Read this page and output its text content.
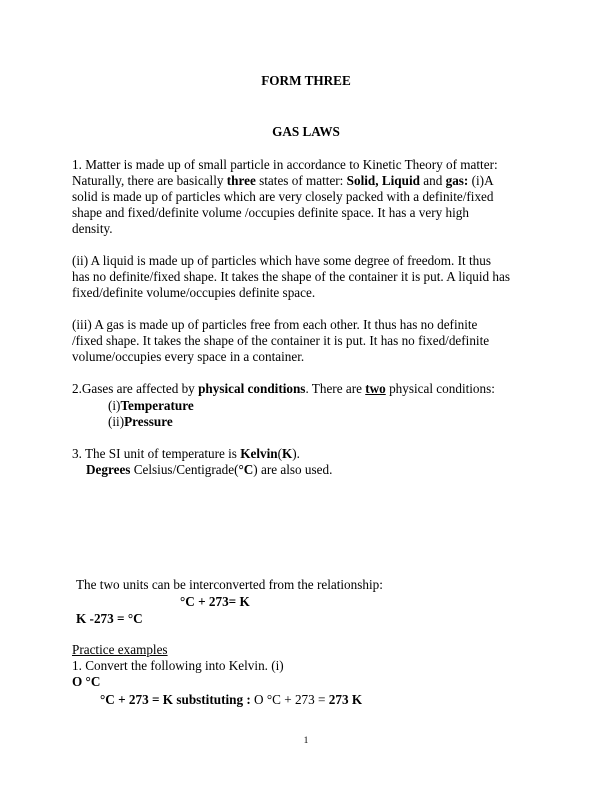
FORM THREE
GAS LAWS
1. Matter is made up of small particle in accordance to Kinetic Theory of matter:
Naturally, there are basically three states of matter: Solid, Liquid and gas: (i)A
solid is made up of particles which are very closely packed with a definite/fixed
shape and fixed/definite volume /occupies definite space. It has a very high
density.
(ii) A liquid is made up of particles which have some degree of freedom. It thus
has no definite/fixed shape. It takes the shape of the container it is put. A liquid has
fixed/definite volume/occupies definite space.
(iii) A gas is made up of particles free from each other. It thus has no definite
/fixed shape. It takes the shape of the container it is put. It has no fixed/definite
volume/occupies every space in a container.
2.Gases are affected by physical conditions. There are two physical conditions:
(i)Temperature
(ii)Pressure
3. The SI unit of temperature is Kelvin(K).
Degrees Celsius/Centigrade(°C) are also used.
The two units can be interconverted from the relationship:
°C + 273= K
K -273 = °C
Practice examples
1. Convert the following into Kelvin. (i)
O °C
°C + 273 = K substituting : O °C + 273 = 273 K
1
